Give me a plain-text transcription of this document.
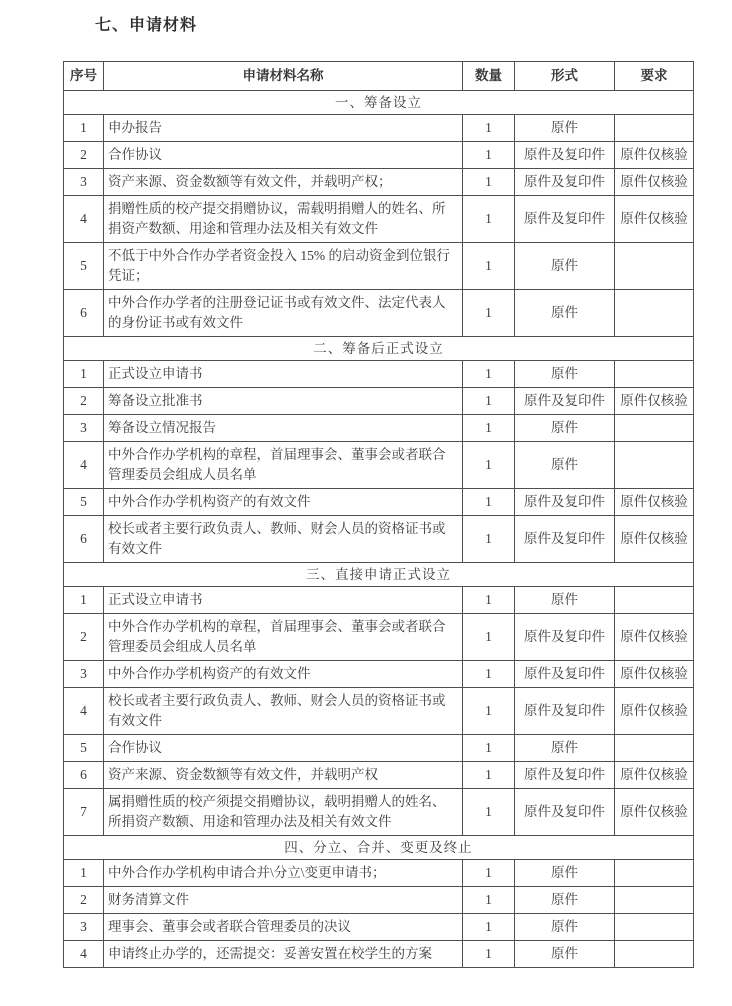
七、申请材料
序号	申请材料名称	数量	形式	要求
一、筹备设立				
1	申办报告	1	原件	
2	合作协议	1	原件及复印件	原件仅核验
3	资产来源、资金数额等有效文件，并载明产权；	1	原件及复印件	原件仅核验
4	捐赠性质的校产提交捐赠协议，需载明捐赠人的姓名、所捐资产数额、用途和管理办法及相关有效文件	1	原件及复印件	原件仅核验
5	不低于中外合作办学者资金投入 15% 的启动资金到位银行凭证；	1	原件	
6	中外合作办学者的注册登记证书或有效文件、法定代表人的身份证书或有效文件	1	原件	
二、筹备后正式设立				
1	正式设立申请书	1	原件	
2	筹备设立批准书	1	原件及复印件	原件仅核验
3	筹备设立情况报告	1	原件	
4	中外合作办学机构的章程，首届理事会、董事会或者联合管理委员会组成人员名单	1	原件	
5	中外合作办学机构资产的有效文件	1	原件及复印件	原件仅核验
6	校长或者主要行政负责人、教师、财会人员的资格证书或有效文件	1	原件及复印件	原件仅核验
三、直接申请正式设立				
1	正式设立申请书	1	原件	
2	中外合作办学机构的章程，首届理事会、董事会或者联合管理委员会组成人员名单	1	原件及复印件	原件仅核验
3	中外合作办学机构资产的有效文件	1	原件及复印件	原件仅核验
4	校长或者主要行政负责人、教师、财会人员的资格证书或有效文件	1	原件及复印件	原件仅核验
5	合作协议	1	原件	
6	资产来源、资金数额等有效文件，并载明产权	1	原件及复印件	原件仅核验
7	属捐赠性质的校产须提交捐赠协议，载明捐赠人的姓名、所捐资产数额、用途和管理办法及相关有效文件	1	原件及复印件	原件仅核验
四、分立、合并、变更及终止				
1	中外合作办学机构申请合并\分立\变更申请书；	1	原件	
2	财务清算文件	1	原件	
3	理事会、董事会或者联合管理委员的决议	1	原件	
4	申请终止办学的，还需提交：妥善安置在校学生的方案	1	原件	
